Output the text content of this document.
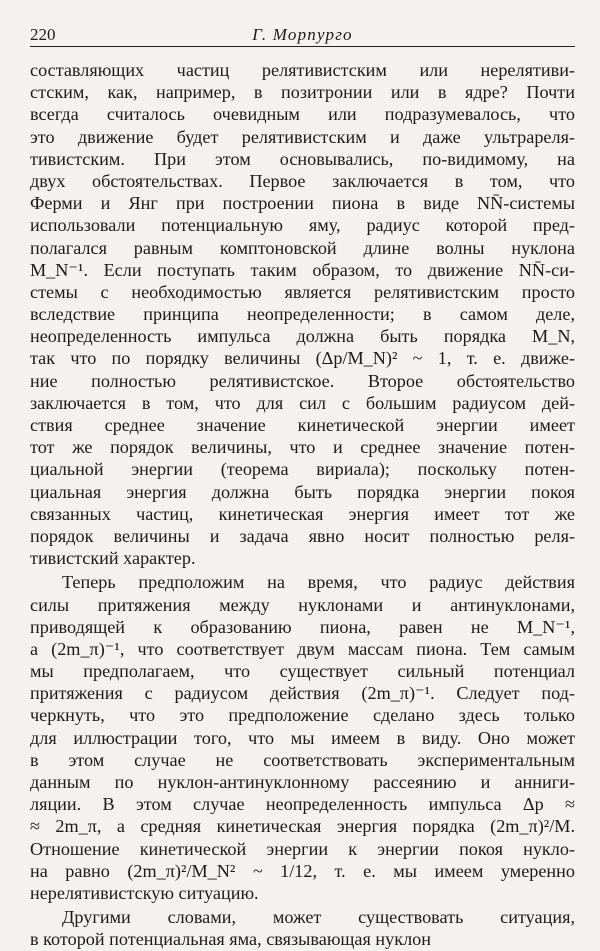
220	Г. Морпурго
составляющих частиц релятивистским или нерелятиви-
стским, как, например, в позитронии или в ядре? Почти
всегда считалось очевидным или подразумевалось, что
это движение будет релятивистским и даже ультрареля-
тивистским. При этом основывались, по-видимому, на
двух обстоятельствах. Первое заключается в том, что
Ферми и Янг при построении пиона в виде NN̄-системы
использовали потенциальную яму, радиус которой пред-
полагался равным комптоновской длине волны нуклона
M_N⁻¹. Если поступать таким образом, то движение NN̄-си-
стемы с необходимостью является релятивистским просто
вследствие принципа неопределенности; в самом деле,
неопределенность импульса должна быть порядка M_N,
так что по порядку величины (Δp/M_N)² ~ 1, т. е. движе-
ние полностью релятивистское. Второе обстоятельство
заключается в том, что для сил с большим радиусом дей-
ствия среднее значение кинетической энергии имеет
тот же порядок величины, что и среднее значение потен-
циальной энергии (теорема вириала); поскольку потен-
циальная энергия должна быть порядка энергии покоя
связанных частиц, кинетическая энергия имеет тот же
порядок величины и задача явно носит полностью реля-
тивистский характер.
Теперь предположим на время, что радиус действия
силы притяжения между нуклонами и антинуклонами,
приводящей к образованию пиона, равен не M_N⁻¹,
а (2m_π)⁻¹, что соответствует двум массам пиона. Тем самым
мы предполагаем, что существует сильный потенциал
притяжения с радиусом действия (2m_π)⁻¹. Следует под-
черкнуть, что это предположение сделано здесь только
для иллюстрации того, что мы имеем в виду. Оно может
в этом случае не соответствовать экспериментальным
данным по нуклон-антинуклонному рассеянию и анниги-
ляции. В этом случае неопределенность импульса Δp ≈
≈ 2m_π, а средняя кинетическая энергия порядка (2m_π)²/M.
Отношение кинетической энергии к энергии покоя нукло-
на равно (2m_π)²/M_N² ~ 1/12, т. е. мы имеем умеренно
нерелятивистскую ситуацию.
Другими словами, может существовать ситуация,
в которой потенциальная яма, связывающая нуклон
